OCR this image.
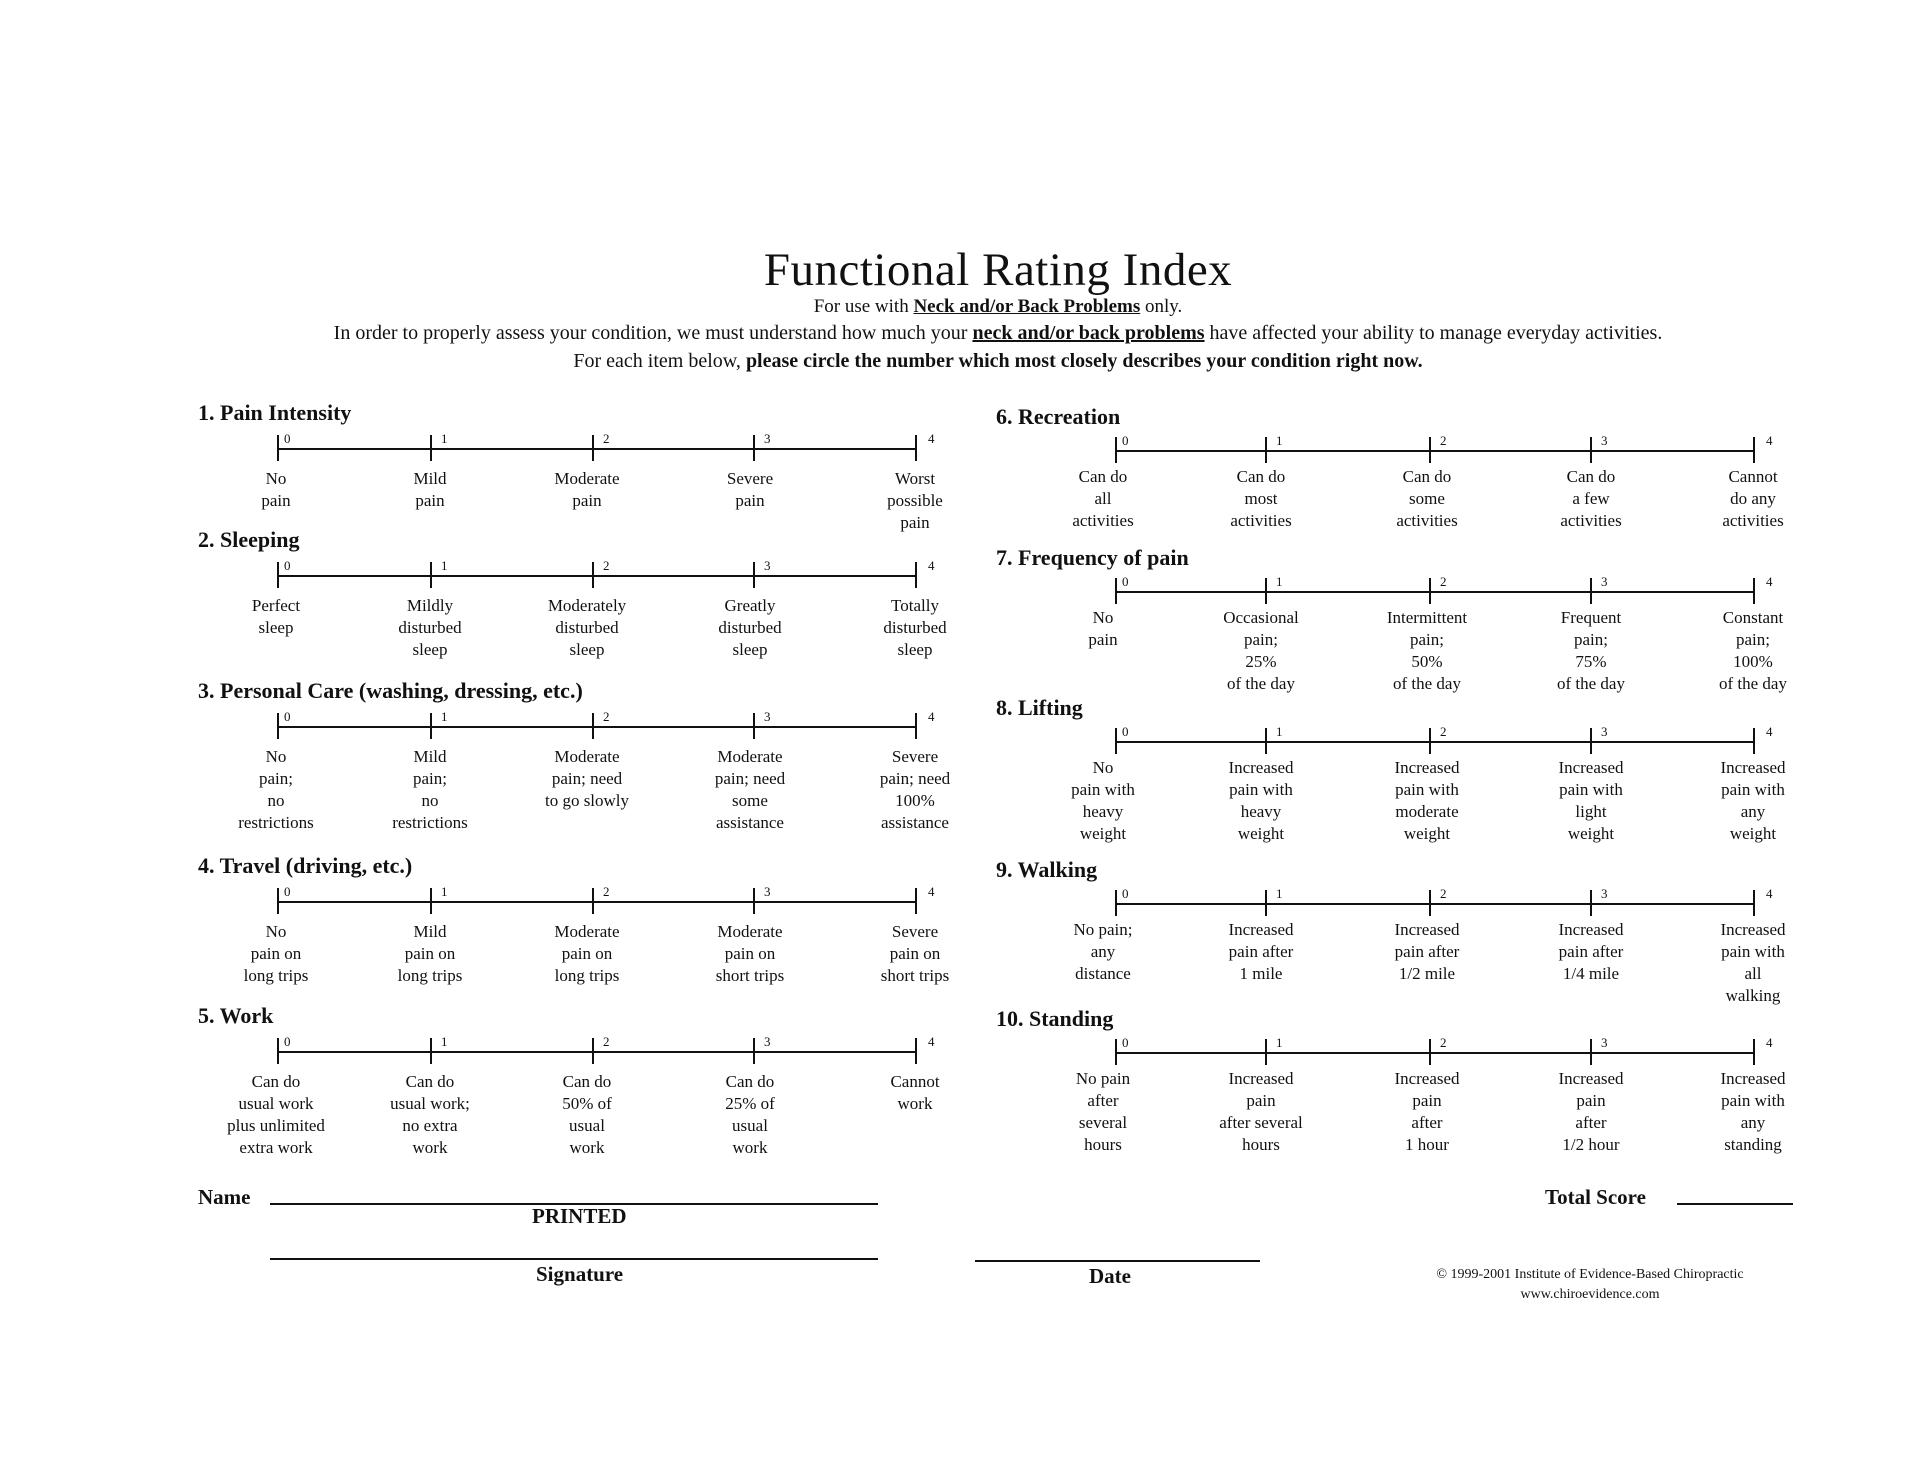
Functional Rating Index
For use with Neck and/or Back Problems only.
In order to properly assess your condition, we must understand how much your neck and/or back problems have affected your ability to manage everyday activities.
For each item below, please circle the number which most closely describes your condition right now.
1. Pain Intensity
0
No
pain
1
Mild
pain
2
Moderate
pain
3
Severe
pain
4
Worst
possible
pain
2. Sleeping
0
Perfect
sleep
1
Mildly
disturbed
sleep
2
Moderately
disturbed
sleep
3
Greatly
disturbed
sleep
4
Totally
disturbed
sleep
3. Personal Care (washing, dressing, etc.)
0
No
pain;
no
restrictions
1
Mild
pain;
no
restrictions
2
Moderate
pain; need
to go slowly
3
Moderate
pain; need
some
assistance
4
Severe
pain; need
100%
assistance
4. Travel (driving, etc.)
0
No
pain on
long trips
1
Mild
pain on
long trips
2
Moderate
pain on
long trips
3
Moderate
pain on
short trips
4
Severe
pain on
short trips
5. Work
0
Can do
usual work
plus unlimited
extra work
1
Can do
usual work;
no extra
work
2
Can do
50% of
usual
work
3
Can do
25% of
usual
work
4
Cannot
work
6. Recreation
0
Can do
all
activities
1
Can do
most
activities
2
Can do
some
activities
3
Can do
a few
activities
4
Cannot
do any
activities
7. Frequency of pain
0
No
pain
1
Occasional
pain;
25%
of the day
2
Intermittent
pain;
50%
of the day
3
Frequent
pain;
75%
of the day
4
Constant
pain;
100%
of the day
8. Lifting
0
No
pain with
heavy
weight
1
Increased
pain with
heavy
weight
2
Increased
pain with
moderate
weight
3
Increased
pain with
light
weight
4
Increased
pain with
any
weight
9. Walking
0
No pain;
any
distance
1
Increased
pain after
1 mile
2
Increased
pain after
1/2 mile
3
Increased
pain after
1/4 mile
4
Increased
pain with
all
walking
10. Standing
0
No pain
after
several
hours
1
Increased
pain
after several
hours
2
Increased
pain
after
1 hour
3
Increased
pain
after
1/2 hour
4
Increased
pain with
any
standing
Name
PRINTED
Signature	Date
Total Score
© 1999-2001 Institute of Evidence-Based Chiropractic
www.chiroevidence.com
